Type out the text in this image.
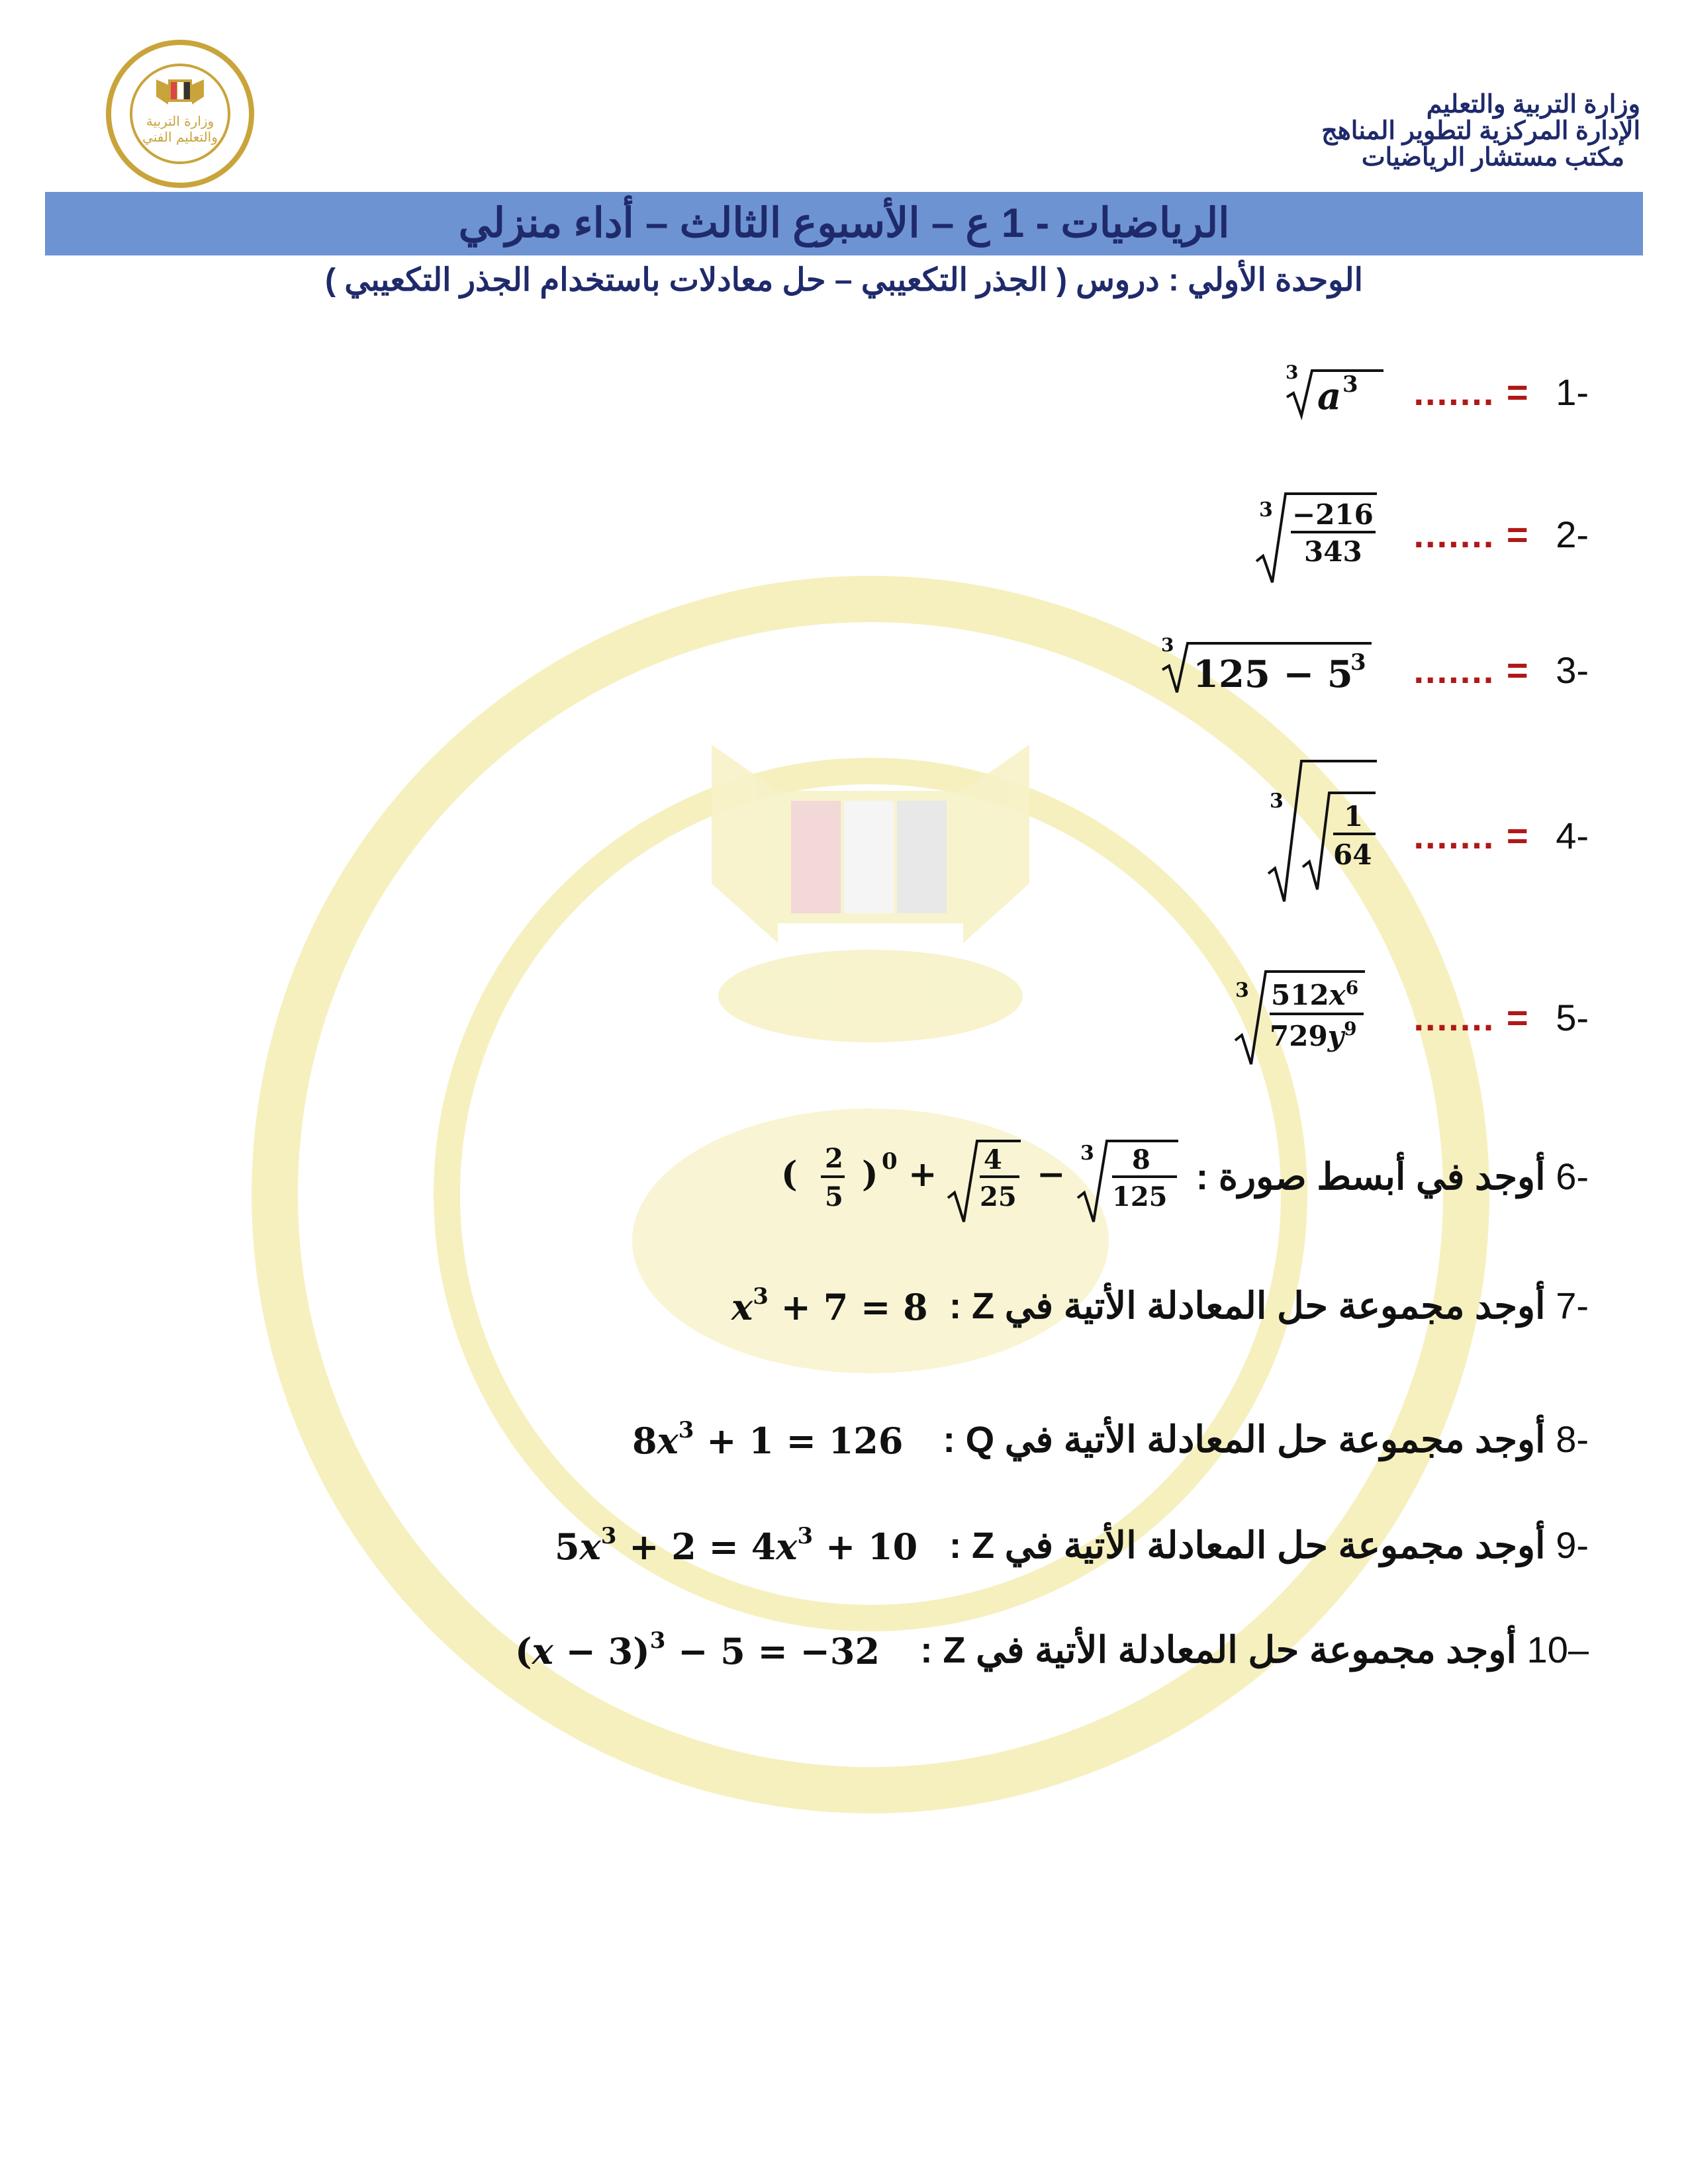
وزارة التربية
والتعليم الفني
وزارة التربية والتعليم
الإدارة المركزية لتطوير المناهج
مكتب مستشار الرياضيات
الرياضيات - 1 ع – الأسبوع الثالث – أداء منزلي
الوحدة الأولي : دروس ( الجذر التكعيبي – حل معادلات باستخدام الجذر التكعيبي )
-1 = .......
3
a 3
-2 = .......
3 −216
343
-3 = .......
3
125 − 5
3
-4 = .......
3 1
64
-5 = .......
3 $512x^6$
$729y^9$
-6 أوجد في أبسط صورة :
( 2
5
) 0 + 4
25
−
3 8
125
-7 أوجد مجموعة حل المعادلة الأتية في Z :
$x^3 + 7 = 8$
-8 أوجد مجموعة حل المعادلة الأتية في Q :
$8x^3 + 1 = 126$
-9 أوجد مجموعة حل المعادلة الأتية في Z :
$5x^3 + 2 = 4x^3 + 10$
–10 أوجد مجموعة حل المعادلة الأتية في Z :
$(x - 3)^3 - 5 = -32$
